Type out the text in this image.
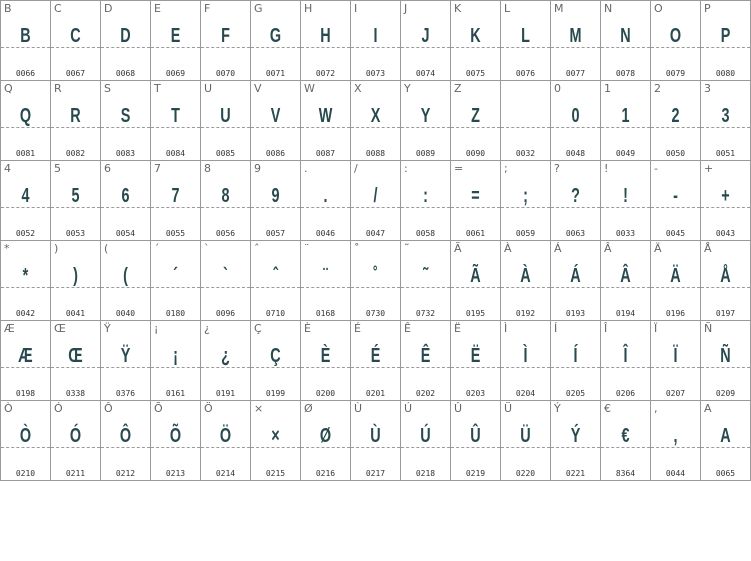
B
B
0066
C
C
0067
D
D
0068
E
E
0069
F
F
0070
G
G
0071
H
H
0072
I
I
0073
J
J
0074
K
K
0075
L
L
0076
M
M
0077
N
N
0078
O
O
0079
P
P
0080
Q
Q
0081
R
R
0082
S
S
0083
T
T
0084
U
U
0085
V
V
0086
W
W
0087
X
X
0088
Y
Y
0089
Z
Z
0090	0032
0
0
0048
1
1
0049
2
2
0050
3
3
0051
4
4
0052
5
5
0053
6
6
0054
7
7
0055
8
8
0056
9
9
0057
.
.
0046
/
/
0047
:
:
0058
=
=
0061
;
;
0059
?
?
0063
!
!
0033
-
-
0045
+
+
0043
*
*
0042
)
)
0041
(
(
0040
´
´
0180
`
`
0096
ˆ
ˆ
0710
¨
¨
0168
˚
˚
0730
˜
˜
0732
Ã
Ã
0195
À
À
0192
Á
Á
0193
Â
Â
0194
Ä
Ä
0196
Å
Å
0197
Æ
Æ
0198
Œ
Œ
0338
Ÿ
Ÿ
0376
¡
¡
0161
¿
¿
0191
Ç
Ç
0199
È
È
0200
É
É
0201
Ê
Ê
0202
Ë
Ë
0203
Ì
Ì
0204
Í
Í
0205
Î
Î
0206
Ï
Ï
0207
Ñ
Ñ
0209
Ò
Ò
0210
Ó
Ó
0211
Ô
Ô
0212
Õ
Õ
0213
Ö
Ö
0214
×
×
0215
Ø
Ø
0216
Ù
Ù
0217
Ú
Ú
0218
Û
Û
0219
Ü
Ü
0220
Ý
Ý
0221
€
€
8364
,
,
0044
A
A
0065
